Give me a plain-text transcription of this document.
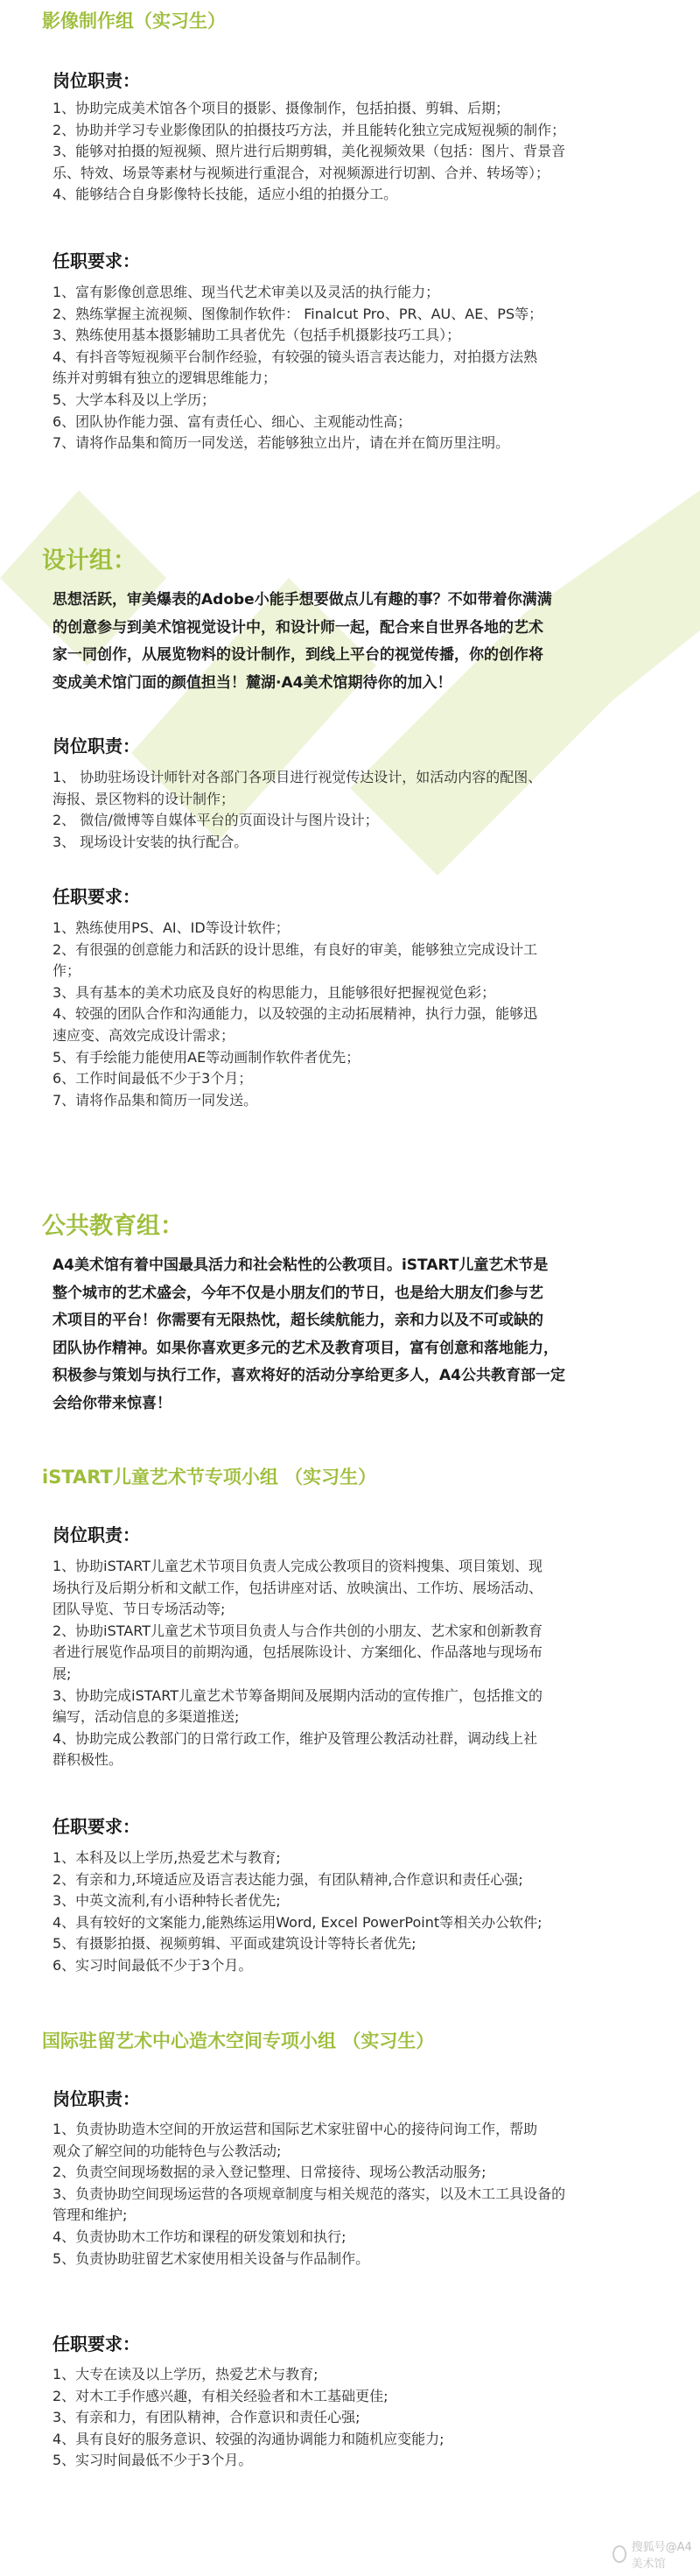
影像制作组（实习生）
岗位职责：
1、协助完成美术馆各个项目的摄影、摄像制作，包括拍摄、剪辑、后期；
2、协助并学习专业影像团队的拍摄技巧方法，并且能转化独立完成短视频的制作；
3、能够对拍摄的短视频、照片进行后期剪辑，美化视频效果（包括：图片、背景音
乐、特效、场景等素材与视频进行重混合，对视频源进行切割、合并、转场等）；
4、能够结合自身影像特长技能，适应小组的拍摄分工。
任职要求：
1、富有影像创意思维、现当代艺术审美以及灵活的执行能力；
2、熟练掌握主流视频、图像制作软件： Finalcut Pro、PR、AU、AE、PS等；
3、熟练使用基本摄影辅助工具者优先（包括手机摄影技巧工具）；
4、有抖音等短视频平台制作经验，有较强的镜头语言表达能力，对拍摄方法熟
练并对剪辑有独立的逻辑思维能力；
5、大学本科及以上学历；
6、团队协作能力强、富有责任心、细心、主观能动性高；
7、请将作品集和简历一同发送，若能够独立出片，请在并在简历里注明。
设计组：
思想活跃，审美爆表的Adobe小能手想要做点儿有趣的事？不如带着你满满
的创意参与到美术馆视觉设计中，和设计师一起，配合来自世界各地的艺术
家一同创作，从展览物料的设计制作，到线上平台的视觉传播，你的创作将
变成美术馆门面的颜值担当！麓湖·A4美术馆期待你的加入！
岗位职责：
1、 协助驻场设计师针对各部门各项目进行视觉传达设计，如活动内容的配图、
海报、景区物料的设计制作；
2、 微信/微博等自媒体平台的页面设计与图片设计；
3、 现场设计安装的执行配合。
任职要求：
1、熟练使用PS、AI、ID等设计软件；
2、有很强的创意能力和活跃的设计思维，有良好的审美，能够独立完成设计工
作；
3、具有基本的美术功底及良好的构思能力，且能够很好把握视觉色彩；
4、较强的团队合作和沟通能力，以及较强的主动拓展精神，执行力强，能够迅
速应变、高效完成设计需求；
5、有手绘能力能使用AE等动画制作软件者优先；
6、工作时间最低不少于3个月；
7、请将作品集和简历一同发送。
公共教育组：
A4美术馆有着中国最具活力和社会粘性的公教项目。iSTART儿童艺术节是
整个城市的艺术盛会，今年不仅是小朋友们的节日，也是给大朋友们参与艺
术项目的平台！你需要有无限热忱，超长续航能力，亲和力以及不可或缺的
团队协作精神。如果你喜欢更多元的艺术及教育项目，富有创意和落地能力，
积极参与策划与执行工作，喜欢将好的活动分享给更多人，A4公共教育部一定
会给你带来惊喜！
iSTART儿童艺术节专项小组 （实习生）
岗位职责：
1、协助iSTART儿童艺术节项目负责人完成公教项目的资料搜集、项目策划、现
场执行及后期分析和文献工作，包括讲座对话、放映演出、工作坊、展场活动、
团队导览、节日专场活动等;
2、协助iSTART儿童艺术节项目负责人与合作共创的小朋友、艺术家和创新教育
者进行展览作品项目的前期沟通，包括展陈设计、方案细化、作品落地与现场布
展;
3、协助完成iSTART儿童艺术节筹备期间及展期内活动的宣传推广，包括推文的
编写，活动信息的多渠道推送;
4、协助完成公教部门的日常行政工作，维护及管理公教活动社群，调动线上社
群积极性。
任职要求：
1、本科及以上学历,热爱艺术与教育;
2、有亲和力,环境适应及语言表达能力强，有团队精神,合作意识和责任心强;
3、中英文流利,有小语种特长者优先;
4、具有较好的文案能力,能熟练运用Word, Excel PowerPoint等相关办公软件;
5、有摄影拍摄、视频剪辑、平面或建筑设计等特长者优先;
6、实习时间最低不少于3个月。
国际驻留艺术中心造木空间专项小组 （实习生）
岗位职责：
1、负责协助造木空间的开放运营和国际艺术家驻留中心的接待问询工作，帮助
观众了解空间的功能特色与公教活动;
2、负责空间现场数据的录入登记整理、日常接待、现场公教活动服务;
3、负责协助空间现场运营的各项规章制度与相关规范的落实，以及木工工具设备的
管理和维护;
4、负责协助木工作坊和课程的研发策划和执行;
5、负责协助驻留艺术家使用相关设备与作品制作。
任职要求：
1、大专在读及以上学历，热爱艺术与教育;
2、对木工手作感兴趣，有相关经验者和木工基础更佳;
3、有亲和力，有团队精神，合作意识和责任心强;
4、具有良好的服务意识、较强的沟通协调能力和随机应变能力;
5、实习时间最低不少于3个月。
搜狐号@A4美术馆
